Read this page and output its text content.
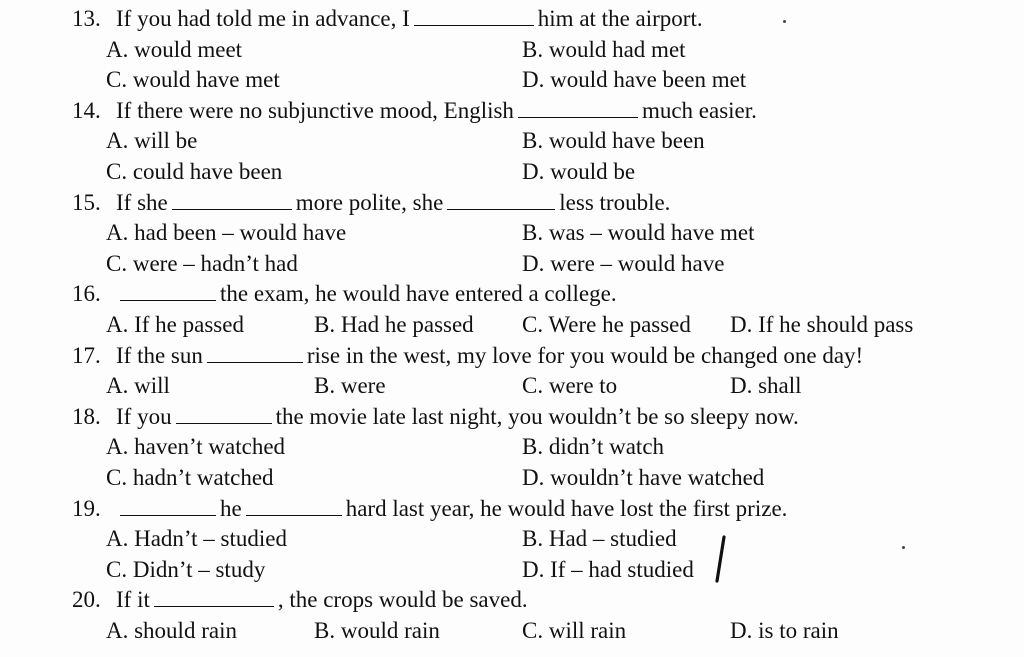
13. If you had told me in advance, I	him at the airport.
A. would meet	B. would had met
C. would have met	D. would have been met
14. If there were no subjunctive mood, English	much easier.
A. will be	B. would have been
C. could have been	D. would be
15. If she	more polite, she	less trouble.
A. had been – would have	B. was – would have met
C. were – hadn’t had	D. were – would have
16.	the exam, he would have entered a college.
A. If he passed	B. Had he passed C. Were he passed D. If he should pass
17. If the sun	rise in the west, my love for you would be changed one day!
A. will	B. were	C. were to	D. shall
18. If you	the movie late last night, you wouldn’t be so sleepy now.
A. haven’t watched	B. didn’t watch
C. hadn’t watched	D. wouldn’t have watched
19.	he	hard last year, he would have lost the first prize.
A. Hadn’t – studied	B. Had – studied
C. Didn’t – study	D. If – had studied
20. If it	, the crops would be saved.
A. should rain	B. would rain	C. will rain	D. is to rain
